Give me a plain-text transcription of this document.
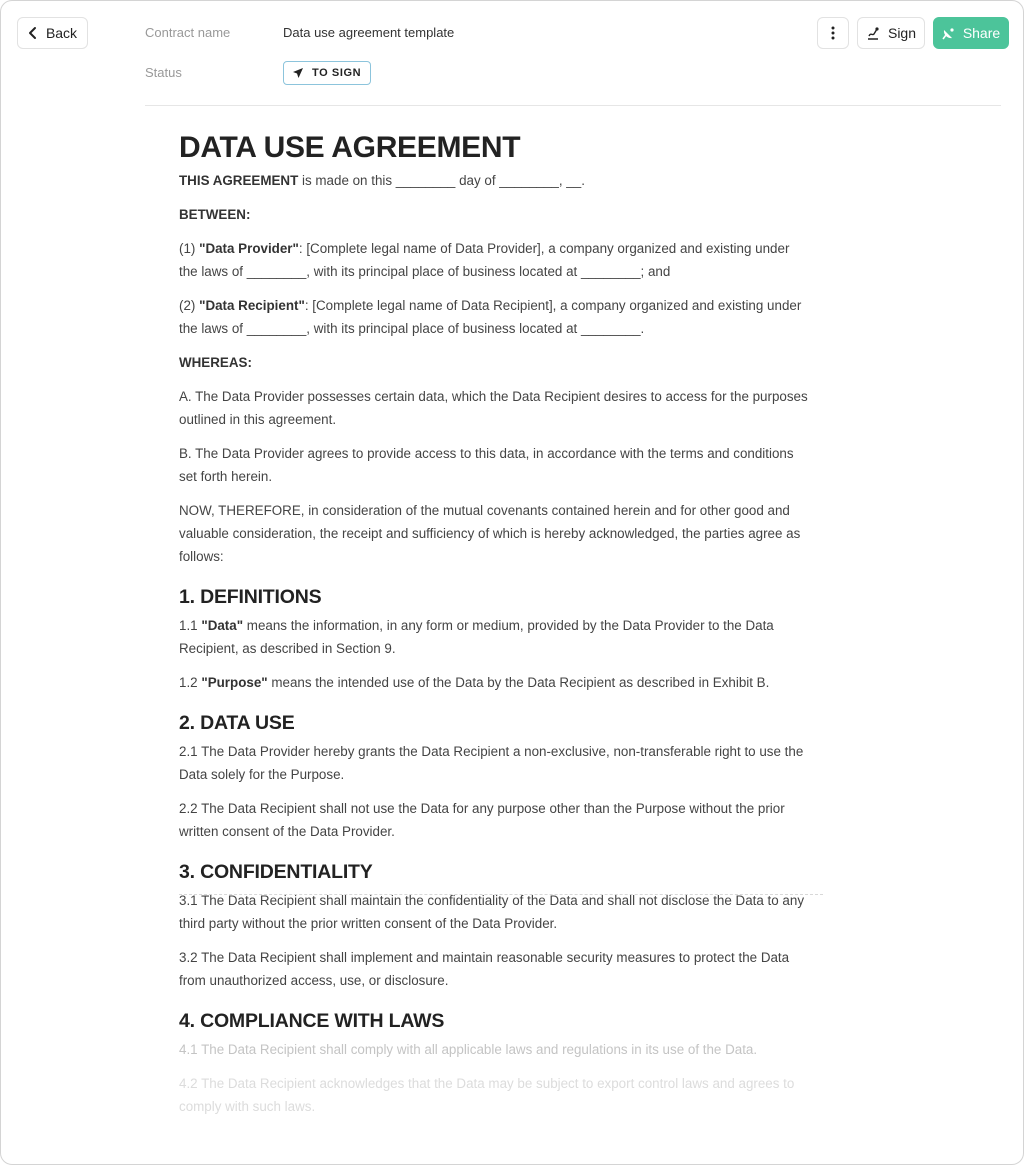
Back	Contract name	Data use agreement template
Status	TO SIGN
Sign	Share
DATA USE AGREEMENT

THIS AGREEMENT is made on this ________ day of ________, __.

BETWEEN:

(1) "Data Provider": [Complete legal name of Data Provider], a company organized and existing under the laws of ________, with its principal place of business located at ________; and

(2) "Data Recipient": [Complete legal name of Data Recipient], a company organized and existing under the laws of ________, with its principal place of business located at ________.

WHEREAS:

A. The Data Provider possesses certain data, which the Data Recipient desires to access for the purposes outlined in this agreement.

B. The Data Provider agrees to provide access to this data, in accordance with the terms and conditions set forth herein.

NOW, THEREFORE, in consideration of the mutual covenants contained herein and for other good and valuable consideration, the receipt and sufficiency of which is hereby acknowledged, the parties agree as follows:

1. DEFINITIONS

1.1 "Data" means the information, in any form or medium, provided by the Data Provider to the Data Recipient, as described in Section 9.

1.2 "Purpose" means the intended use of the Data by the Data Recipient as described in Exhibit B.

2. DATA USE

2.1 The Data Provider hereby grants the Data Recipient a non-exclusive, non-transferable right to use the Data solely for the Purpose.

2.2 The Data Recipient shall not use the Data for any purpose other than the Purpose without the prior written consent of the Data Provider.

3. CONFIDENTIALITY

3.1 The Data Recipient shall maintain the confidentiality of the Data and shall not disclose the Data to any third party without the prior written consent of the Data Provider.

3.2 The Data Recipient shall implement and maintain reasonable security measures to protect the Data from unauthorized access, use, or disclosure.

4. COMPLIANCE WITH LAWS

4.1 The Data Recipient shall comply with all applicable laws and regulations in its use of the Data.

4.2 The Data Recipient acknowledges that the Data may be subject to export control laws and agrees to comply with such laws.
